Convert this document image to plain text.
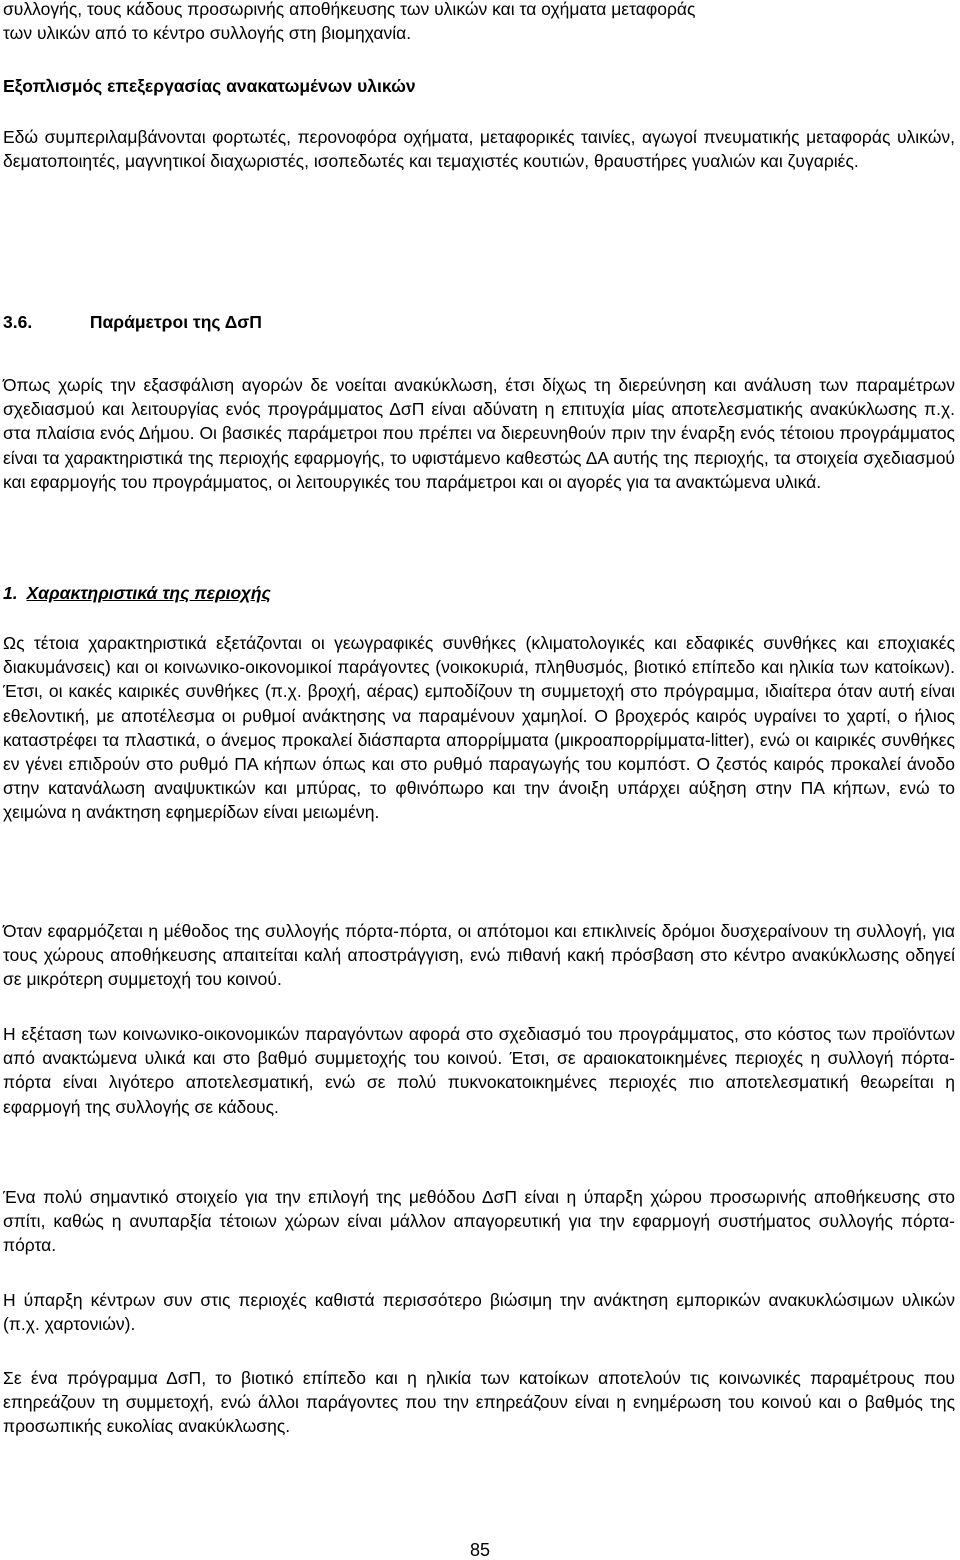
συλλογής, τους κάδους προσωρινής αποθήκευσης των υλικών και τα οχήματα μεταφοράς
των υλικών από το κέντρο συλλογής στη βιομηχανία.
Εξοπλισμός επεξεργασίας ανακατωμένων υλικών
Εδώ συμπεριλαμβάνονται φορτωτές, περονοφόρα οχήματα, μεταφορικές ταινίες, αγωγοί πνευματικής μεταφοράς υλικών, δεματοποιητές, μαγνητικοί διαχωριστές, ισοπεδωτές και τεμαχιστές κουτιών, θραυστήρες γυαλιών και ζυγαριές.
3.6.	Παράμετροι της ΔσΠ
Όπως χωρίς την εξασφάλιση αγορών δε νοείται ανακύκλωση, έτσι δίχως τη διερεύνηση και ανάλυση των παραμέτρων σχεδιασμού και λειτουργίας ενός προγράμματος ΔσΠ είναι αδύνατη η επιτυχία μίας αποτελεσματικής ανακύκλωσης π.χ. στα πλαίσια ενός Δήμου. Οι βασικές παράμετροι που πρέπει να διερευνηθούν πριν την έναρξη ενός τέτοιου προγράμματος είναι τα χαρακτηριστικά της περιοχής εφαρμογής, το υφιστάμενο καθεστώς ΔΑ αυτής της περιοχής, τα στοιχεία σχεδιασμού και εφαρμογής του προγράμματος, οι λειτουργικές του παράμετροι και οι αγορές για τα ανακτώμενα υλικά.
1. Χαρακτηριστικά της περιοχής
Ως τέτοια χαρακτηριστικά εξετάζονται οι γεωγραφικές συνθήκες (κλιματολογικές και εδαφικές συνθήκες και εποχιακές διακυμάνσεις) και οι κοινωνικο-οικονομικοί παράγοντες (νοικοκυριά, πληθυσμός, βιοτικό επίπεδο και ηλικία των κατοίκων). Έτσι, οι κακές καιρικές συνθήκες (π.χ. βροχή, αέρας) εμποδίζουν τη συμμετοχή στο πρόγραμμα, ιδιαίτερα όταν αυτή είναι εθελοντική, με αποτέλεσμα οι ρυθμοί ανάκτησης να παραμένουν χαμηλοί. Ο βροχερός καιρός υγραίνει το χαρτί, ο ήλιος καταστρέφει τα πλαστικά, ο άνεμος προκαλεί διάσπαρτα απορρίμματα (μικροαπορρίμματα-litter), ενώ οι καιρικές συνθήκες εν γένει επιδρούν στο ρυθμό ΠΑ κήπων όπως και στο ρυθμό παραγωγής του κομπόστ. Ο ζεστός καιρός προκαλεί άνοδο στην κατανάλωση αναψυκτικών και μπύρας, το φθινόπωρο και την άνοιξη υπάρχει αύξηση στην ΠΑ κήπων, ενώ το χειμώνα η ανάκτηση εφημερίδων είναι μειωμένη.
Όταν εφαρμόζεται η μέθοδος της συλλογής πόρτα-πόρτα, οι απότομοι και επικλινείς δρόμοι δυσχεραίνουν τη συλλογή, για τους χώρους αποθήκευσης απαιτείται καλή αποστράγγιση, ενώ πιθανή κακή πρόσβαση στο κέντρο ανακύκλωσης οδηγεί σε μικρότερη συμμετοχή του κοινού.
Η εξέταση των κοινωνικο-οικονομικών παραγόντων αφορά στο σχεδιασμό του προγράμματος, στο κόστος των προϊόντων από ανακτώμενα υλικά και στο βαθμό συμμετοχής του κοινού. Έτσι, σε αραιοκατοικημένες περιοχές η συλλογή πόρτα-πόρτα είναι λιγότερο αποτελεσματική, ενώ σε πολύ πυκνοκατοικημένες περιοχές πιο αποτελεσματική θεωρείται η εφαρμογή της συλλογής σε κάδους.
Ένα πολύ σημαντικό στοιχείο για την επιλογή της μεθόδου ΔσΠ είναι η ύπαρξη χώρου προσωρινής αποθήκευσης στο σπίτι, καθώς η ανυπαρξία τέτοιων χώρων είναι μάλλον απαγορευτική για την εφαρμογή συστήματος συλλογής πόρτα-πόρτα.
Η ύπαρξη κέντρων συν στις περιοχές καθιστά περισσότερο βιώσιμη την ανάκτηση εμπορικών ανακυκλώσιμων υλικών (π.χ. χαρτονιών).
Σε ένα πρόγραμμα ΔσΠ, το βιοτικό επίπεδο και η ηλικία των κατοίκων αποτελούν τις κοινωνικές παραμέτρους που επηρεάζουν τη συμμετοχή, ενώ άλλοι παράγοντες που την επηρεάζουν είναι η ενημέρωση του κοινού και ο βαθμός της προσωπικής ευκολίας ανακύκλωσης.
85
